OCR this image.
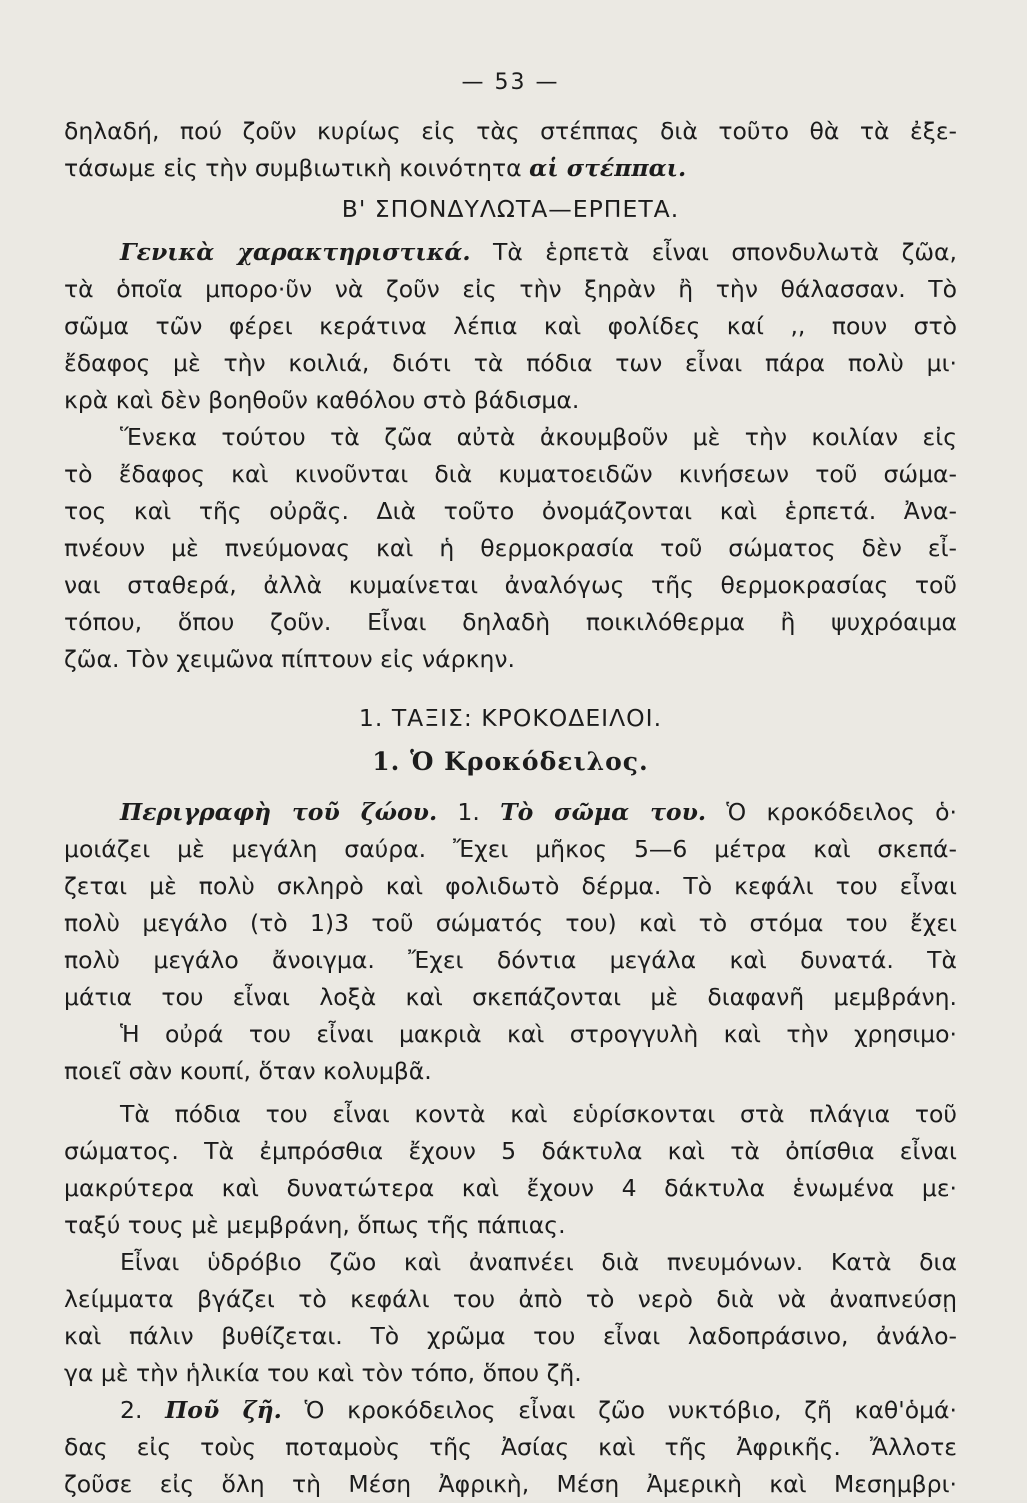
— 53 —
δηλαδή, πού ζοῦν κυρίως εἰς τὰς στέππας διὰ τοῦτο θὰ τὰ ἐξε-
τάσωμε εἰς τὴν συμβιωτικὴ κοινότητα αἱ στέππαι.
Β' ΣΠΟΝΔΥΛΩΤΑ—ΕΡΠΕΤΑ.
Γενικὰ χαρακτηριστικά. Τὰ ἑρπετὰ εἶναι σπονδυλωτὰ ζῶα,
τὰ ὁποῖα μπορο·ῦν νὰ ζοῦν εἰς τὴν ξηρὰν ἢ τὴν θάλασσαν. Τὸ
σῶμα τῶν φέρει κεράτινα λέπια καὶ φολίδες καί ,, πουν στὸ
ἔδαφος μὲ τὴν κοιλιά, διότι τὰ πόδια των εἶναι πάρα πολὺ μι·
κρὰ καὶ δὲν βοηθοῦν καθόλου στὸ βάδισμα.
Ἕνεκα τούτου τὰ ζῶα αὐτὰ ἀκουμβοῦν μὲ τὴν κοιλίαν εἰς
τὸ ἔδαφος καὶ κινοῦνται διὰ κυματοειδῶν κινήσεων τοῦ σώμα-
τος καὶ τῆς οὐρᾶς. Διὰ τοῦτο ὀνομάζονται καὶ ἑρπετά. Ἀνα-
πνέουν μὲ πνεύμονας καὶ ἡ θερμοκρασία τοῦ σώματος δὲν εἶ-
ναι σταθερά, ἀλλὰ κυμαίνεται ἀναλόγως τῆς θερμοκρασίας τοῦ
τόπου, ὅπου ζοῦν. Εἶναι δηλαδὴ ποικιλόθερμα ἢ ψυχρόαιμα
ζῶα. Τὸν χειμῶνα πίπτουν εἰς νάρκην.
1. ΤΑΞΙΣ: ΚΡΟΚΟΔΕΙΛΟΙ.
1. Ὁ Κροκόδειλος.
Περιγραφὴ τοῦ ζώου. 1. Τὸ σῶμα του. Ὁ κροκόδειλος ὁ·
μοιάζει μὲ μεγάλη σαύρα. Ἔχει μῆκος 5—6 μέτρα καὶ σκεπά-
ζεται μὲ πολὺ σκληρὸ καὶ φολιδωτὸ δέρμα. Τὸ κεφάλι του εἶναι
πολὺ μεγάλο (τὸ 1)3 τοῦ σώματός του) καὶ τὸ στόμα του ἔχει
πολὺ μεγάλο ἄνοιγμα. Ἔχει δόντια μεγάλα καὶ δυνατά. Τὰ
μάτια του εἶναι λοξὰ καὶ σκεπάζονται μὲ διαφανῆ μεμβράνη.
Ἡ οὐρά του εἶναι μακριὰ καὶ στρογγυλὴ καὶ τὴν χρησιμο·
ποιεῖ σὰν κουπί, ὅταν κολυμβᾶ.
Τὰ πόδια του εἶναι κοντὰ καὶ εὑρίσκονται στὰ πλάγια τοῦ
σώματος. Τὰ ἐμπρόσθια ἔχουν 5 δάκτυλα καὶ τὰ ὀπίσθια εἶναι
μακρύτερα καὶ δυνατώτερα καὶ ἔχουν 4 δάκτυλα ἑνωμένα με·
ταξύ τους μὲ μεμβράνη, ὅπως τῆς πάπιας.
Εἶναι ὑδρόβιο ζῶο καὶ ἀναπνέει διὰ πνευμόνων. Κατὰ δια
λείμματα βγάζει τὸ κεφάλι του ἀπὸ τὸ νερὸ διὰ νὰ ἀναπνεύσῃ
καὶ πάλιν βυθίζεται. Τὸ χρῶμα του εἶναι λαδοπράσινο, ἀνάλο-
γα μὲ τὴν ἡλικία του καὶ τὸν τόπο, ὅπου ζῆ.
2. Ποῦ ζῆ. Ὁ κροκόδειλος εἶναι ζῶο νυκτόβιο, ζῆ καθ'ὁμά·
δας εἰς τοὺς ποταμοὺς τῆς Ἀσίας καὶ τῆς Ἀφρικῆς. Ἄλλοτε
ζοῦσε εἰς ὅλη τὴ Μέση Ἀφρικὴ, Μέση Ἀμερικὴ καὶ Μεσημβρι·
